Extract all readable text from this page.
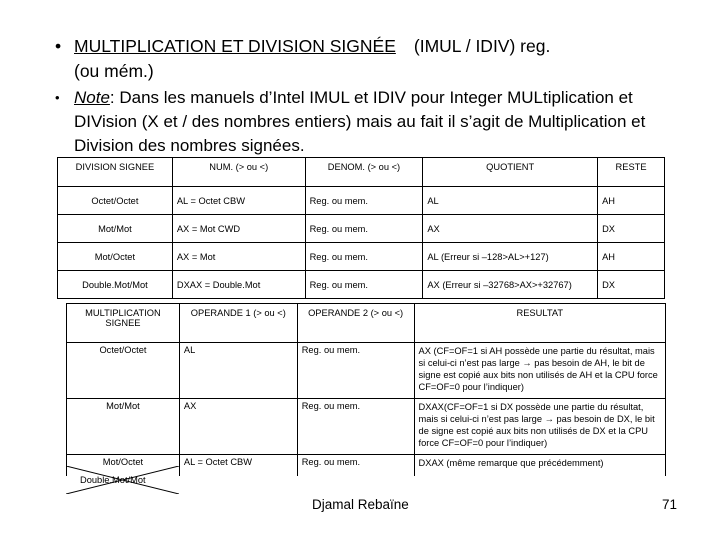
• MULTIPLICATION ET DIVISION SIGNÉE (IMUL / IDIV) reg.
(ou mém.)
• Note: Dans les manuels d’Intel IMUL et IDIV pour Integer MULtiplication et DIVision (X et / des nombres entiers) mais au fait il s’agit de Multiplication et Division des nombres signées.
DIVISION SIGNEE	NUM. (> ou <)	DENOM. (> ou <)	QUOTIENT	RESTE
Octet/Octet	AL = Octet CBW	Reg. ou mem.	AL	AH
Mot/Mot	AX = Mot CWD	Reg. ou mem.	AX	DX
Mot/Octet	AX = Mot	Reg. ou mem.	AL (Erreur si –128>AL>+127)	AH
Double.Mot/Mot	DXAX = Double.Mot	Reg. ou mem.	AX (Erreur si –32768>AX>+32767)	DX
MULTIPLICATION SIGNEE	OPERANDE 1 (> ou <)	OPERANDE 2 (> ou <)	RESULTAT
Octet/Octet	AL	Reg. ou mem.	AX (CF=OF=1 si AH possède une partie du résultat, mais si celui-ci n’est pas large → pas besoin de AH, le bit de signe est copié aux bits non utilisés de AH et la CPU force CF=OF=0 pour l’indiquer)
Mot/Mot	AX	Reg. ou mem.	DXAX(CF=OF=1 si DX possède une partie du résultat, mais si celui-ci n’est pas large → pas besoin de DX, le bit de signe est copié aux bits non utilisés de DX et la CPU force CF=OF=0 pour l’indiquer)
Mot/Octet	AL = Octet CBW	Reg. ou mem.	DXAX (même remarque que précédemment)
Double.Mot/Mot
Djamal Rebaïne	71
